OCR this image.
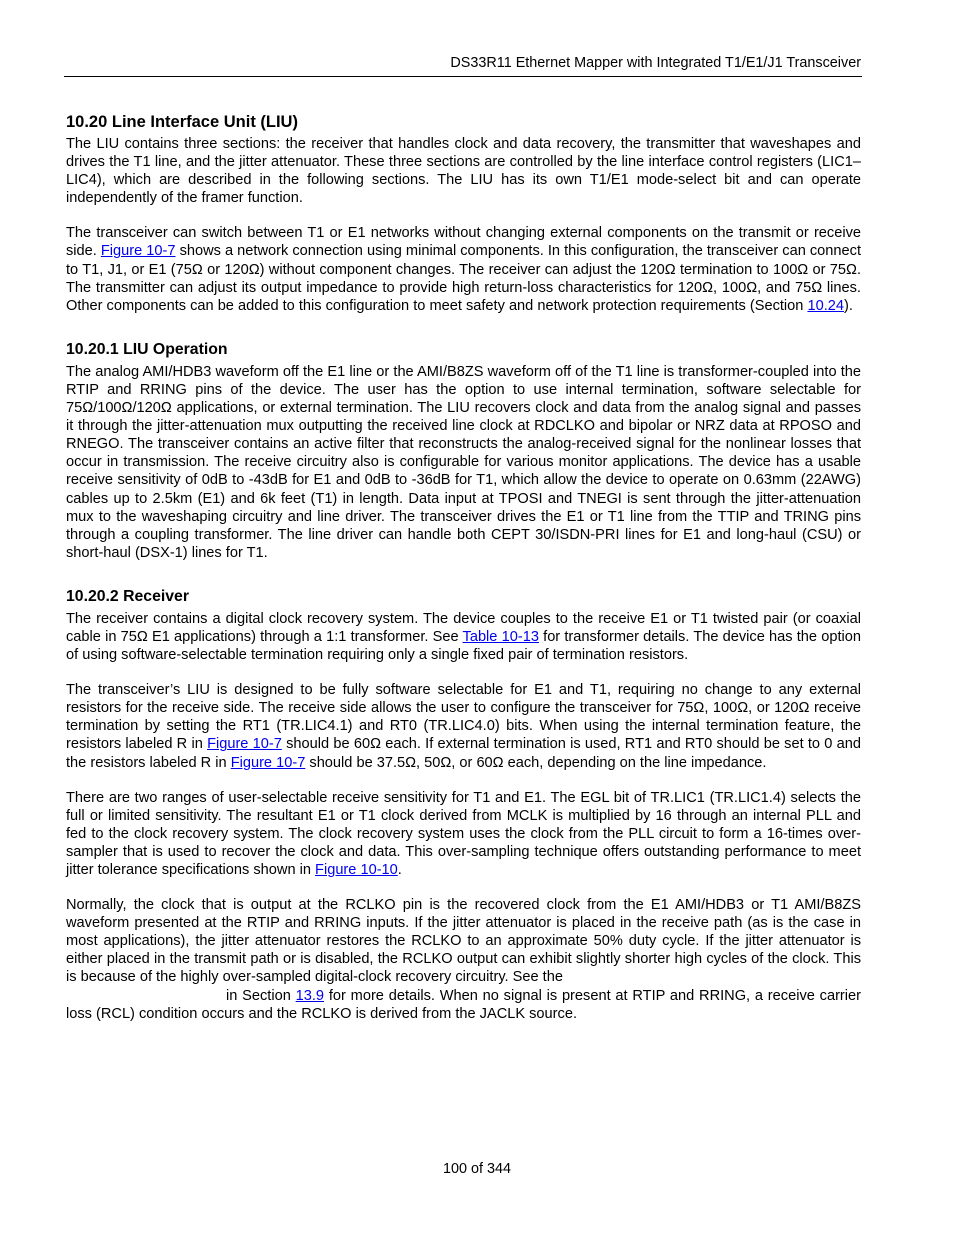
DS33R11 Ethernet Mapper with Integrated T1/E1/J1 Transceiver
10.20 Line Interface Unit (LIU)

The LIU contains three sections: the receiver that handles clock and data recovery, the transmitter that waveshapes and drives the T1 line, and the jitter attenuator. These three sections are controlled by the line interface control registers (LIC1–LIC4), which are described in the following sections. The LIU has its own T1/E1 mode-select bit and can operate independently of the framer function.

The transceiver can switch between T1 or E1 networks without changing external components on the transmit or receive side. Figure 10-7 shows a network connection using minimal components. In this configuration, the transceiver can connect to T1, J1, or E1 (75Ω or 120Ω) without component changes. The receiver can adjust the 120Ω termination to 100Ω or 75Ω. The transmitter can adjust its output impedance to provide high return-loss characteristics for 120Ω, 100Ω, and 75Ω lines. Other components can be added to this configuration to meet safety and network protection requirements (Section 10.24).

10.20.1 LIU Operation

The analog AMI/HDB3 waveform off the E1 line or the AMI/B8ZS waveform off of the T1 line is transformer-coupled into the RTIP and RRING pins of the device. The user has the option to use internal termination, software selectable for 75Ω/100Ω/120Ω applications, or external termination. The LIU recovers clock and data from the analog signal and passes it through the jitter-attenuation mux outputting the received line clock at RDCLKO and bipolar or NRZ data at RPOSO and RNEGO. The transceiver contains an active filter that reconstructs the analog-received signal for the nonlinear losses that occur in transmission. The receive circuitry also is configurable for various monitor applications. The device has a usable receive sensitivity of 0dB to -43dB for E1 and 0dB to -36dB for T1, which allow the device to operate on 0.63mm (22AWG) cables up to 2.5km (E1) and 6k feet (T1) in length. Data input at TPOSI and TNEGI is sent through the jitter-attenuation mux to the waveshaping circuitry and line driver. The transceiver drives the E1 or T1 line from the TTIP and TRING pins through a coupling transformer. The line driver can handle both CEPT 30/ISDN-PRI lines for E1 and long-haul (CSU) or short-haul (DSX-1) lines for T1.

10.20.2 Receiver

The receiver contains a digital clock recovery system. The device couples to the receive E1 or T1 twisted pair (or coaxial cable in 75Ω E1 applications) through a 1:1 transformer. See Table 10-13 for transformer details. The device has the option of using software-selectable termination requiring only a single fixed pair of termination resistors.

The transceiver’s LIU is designed to be fully software selectable for E1 and T1, requiring no change to any external resistors for the receive side. The receive side allows the user to configure the transceiver for 75Ω, 100Ω, or 120Ω receive termination by setting the RT1 (TR.LIC4.1) and RT0 (TR.LIC4.0) bits. When using the internal termination feature, the resistors labeled R in Figure 10-7 should be 60Ω each. If external termination is used, RT1 and RT0 should be set to 0 and the resistors labeled R in Figure 10-7 should be 37.5Ω, 50Ω, or 60Ω each, depending on the line impedance.

There are two ranges of user-selectable receive sensitivity for T1 and E1. The EGL bit of TR.LIC1 (TR.LIC1.4) selects the full or limited sensitivity. The resultant E1 or T1 clock derived from MCLK is multiplied by 16 through an internal PLL and fed to the clock recovery system. The clock recovery system uses the clock from the PLL circuit to form a 16-times over-sampler that is used to recover the clock and data. This over-sampling technique offers outstanding performance to meet jitter tolerance specifications shown in Figure 10-10.

Normally, the clock that is output at the RCLKO pin is the recovered clock from the E1 AMI/HDB3 or T1 AMI/B8ZS waveform presented at the RTIP and RRING inputs. If the jitter attenuator is placed in the receive path (as is the case in most applications), the jitter attenuator restores the RCLKO to an approximate 50% duty cycle. If the jitter attenuator is either placed in the transmit path or is disabled, the RCLKO output can exhibit slightly shorter high cycles of the clock. This is because of the highly over-sampled digital-clock recovery circuitry. See the
in Section 13.9 for more details. When no signal is present at RTIP and RRING, a receive carrier loss (RCL) condition occurs and the RCLKO is derived from the JACLK source.

100 of 344
